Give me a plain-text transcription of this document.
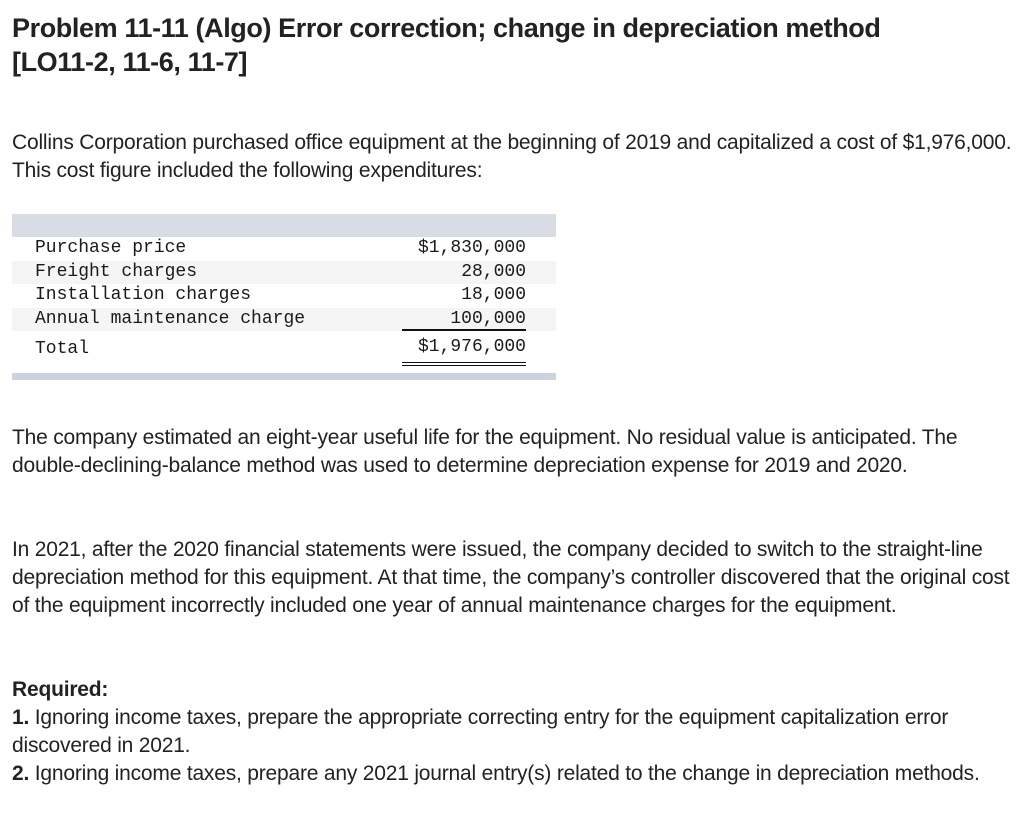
Problem 11-11 (Algo) Error correction; change in depreciation method
[LO11-2, 11-6, 11-7]

Collins Corporation purchased office equipment at the beginning of 2019 and capitalized a cost of $1,976,000. This cost figure included the following expenditures:

Purchase price	$1,830,000
Freight charges	28,000
Installation charges	18,000
Annual maintenance charge	100,000
Total	$1,976,000

The company estimated an eight-year useful life for the equipment. No residual value is anticipated. The double-declining-balance method was used to determine depreciation expense for 2019 and 2020.

In 2021, after the 2020 financial statements were issued, the company decided to switch to the straight-line depreciation method for this equipment. At that time, the company’s controller discovered that the original cost of the equipment incorrectly included one year of annual maintenance charges for the equipment.

Required:
1. Ignoring income taxes, prepare the appropriate correcting entry for the equipment capitalization error discovered in 2021.
2. Ignoring income taxes, prepare any 2021 journal entry(s) related to the change in depreciation methods.
